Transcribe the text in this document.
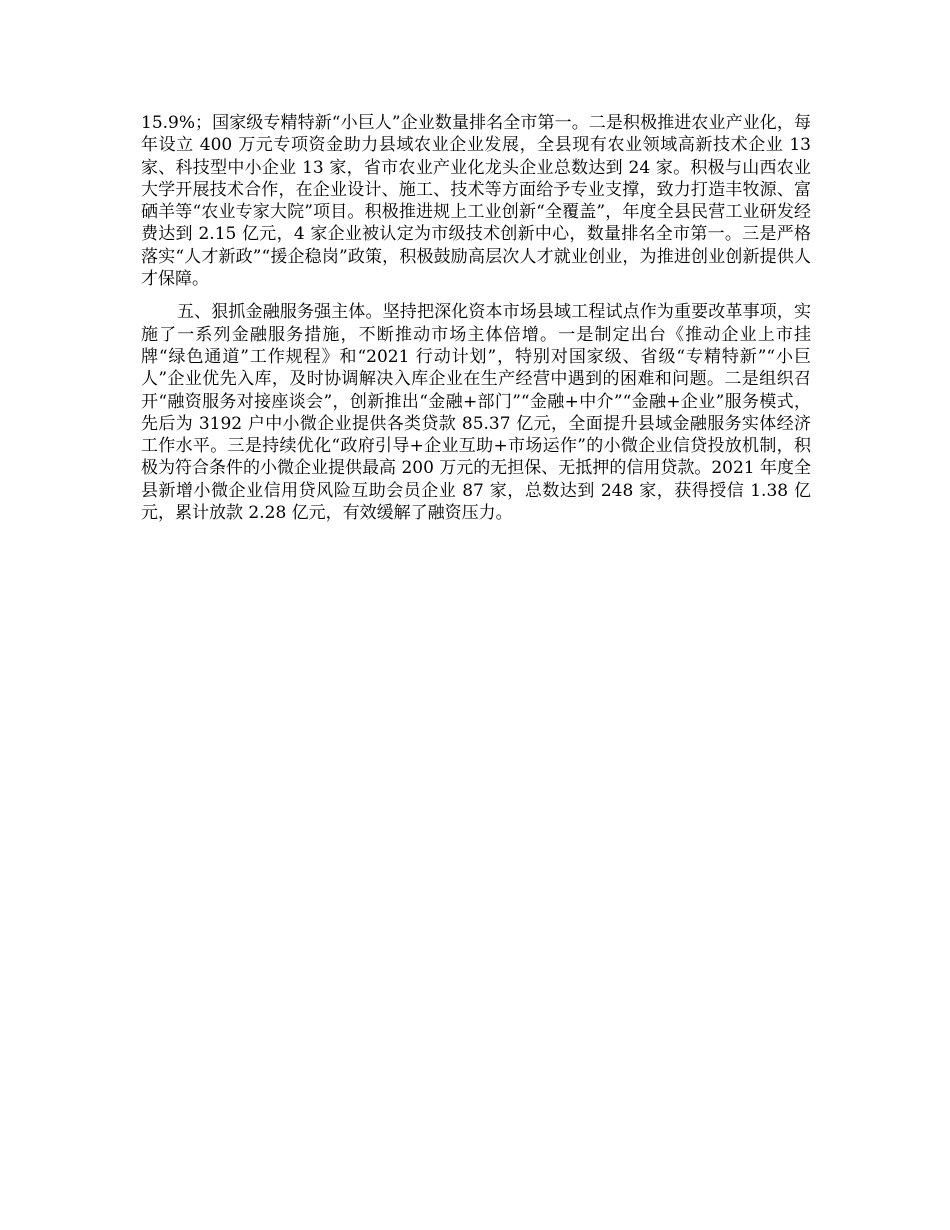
15.9%；国家级专精特新“小巨人”企业数量排名全市第一。二是积极推进农业产业化，每年设立 400 万元专项资金助力县域农业企业发展，全县现有农业领域高新技术企业 13 家、科技型中小企业 13 家，省市农业产业化龙头企业总数达到 24 家。积极与山西农业大学开展技术合作，在企业设计、施工、技术等方面给予专业支撑，致力打造丰牧源、富硒羊等“农业专家大院”项目。积极推进规上工业创新“全覆盖”，年度全县民营工业研发经费达到 2.15 亿元，4 家企业被认定为市级技术创新中心，数量排名全市第一。三是严格落实“人才新政”“援企稳岗”政策，积极鼓励高层次人才就业创业，为推进创业创新提供人才保障。

五、狠抓金融服务强主体。坚持把深化资本市场县域工程试点作为重要改革事项，实施了一系列金融服务措施，不断推动市场主体倍增。一是制定出台《推动企业上市挂牌“绿色通道”工作规程》和“2021 行动计划”，特别对国家级、省级“专精特新”“小巨人”企业优先入库，及时协调解决入库企业在生产经营中遇到的困难和问题。二是组织召开“融资服务对接座谈会”，创新推出“金融+部门”“金融+中介”“金融+企业”服务模式，先后为 3192 户中小微企业提供各类贷款 85.37 亿元，全面提升县域金融服务实体经济工作水平。三是持续优化“政府引导+企业互助+市场运作”的小微企业信贷投放机制，积极为符合条件的小微企业提供最高 200 万元的无担保、无抵押的信用贷款。2021 年度全县新增小微企业信用贷风险互助会员企业 87 家，总数达到 248 家，获得授信 1.38 亿元，累计放款 2.28 亿元，有效缓解了融资压力。
